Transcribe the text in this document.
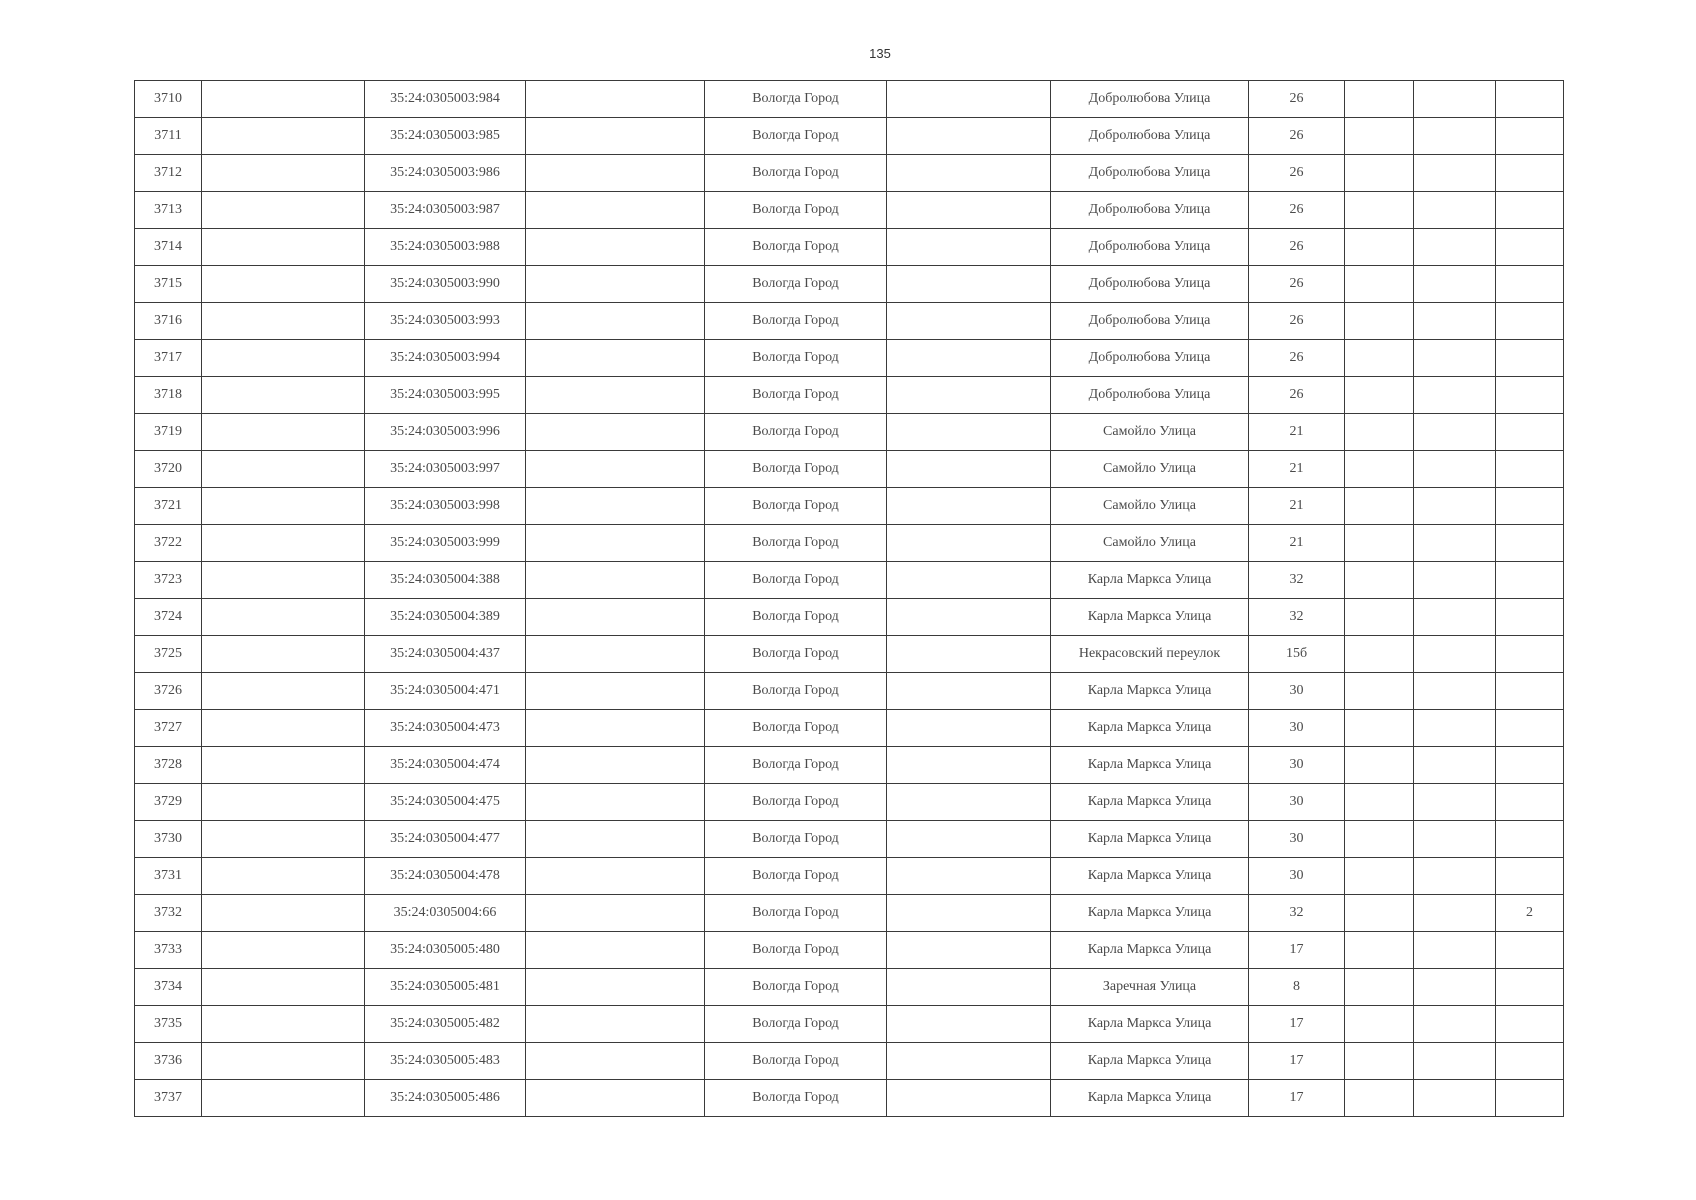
135
3710		35:24:0305003:984		Вологда Город		Добролюбова Улица	26			
3711		35:24:0305003:985		Вологда Город		Добролюбова Улица	26			
3712		35:24:0305003:986		Вологда Город		Добролюбова Улица	26			
3713		35:24:0305003:987		Вологда Город		Добролюбова Улица	26			
3714		35:24:0305003:988		Вологда Город		Добролюбова Улица	26			
3715		35:24:0305003:990		Вологда Город		Добролюбова Улица	26			
3716		35:24:0305003:993		Вологда Город		Добролюбова Улица	26			
3717		35:24:0305003:994		Вологда Город		Добролюбова Улица	26			
3718		35:24:0305003:995		Вологда Город		Добролюбова Улица	26			
3719		35:24:0305003:996		Вологда Город		Самойло Улица	21			
3720		35:24:0305003:997		Вологда Город		Самойло Улица	21			
3721		35:24:0305003:998		Вологда Город		Самойло Улица	21			
3722		35:24:0305003:999		Вологда Город		Самойло Улица	21			
3723		35:24:0305004:388		Вологда Город		Карла Маркса Улица	32			
3724		35:24:0305004:389		Вологда Город		Карла Маркса Улица	32			
3725		35:24:0305004:437		Вологда Город		Некрасовский переулок	15б			
3726		35:24:0305004:471		Вологда Город		Карла Маркса Улица	30			
3727		35:24:0305004:473		Вологда Город		Карла Маркса Улица	30			
3728		35:24:0305004:474		Вологда Город		Карла Маркса Улица	30			
3729		35:24:0305004:475		Вологда Город		Карла Маркса Улица	30			
3730		35:24:0305004:477		Вологда Город		Карла Маркса Улица	30			
3731		35:24:0305004:478		Вологда Город		Карла Маркса Улица	30			
3732		35:24:0305004:66		Вологда Город		Карла Маркса Улица	32			2
3733		35:24:0305005:480		Вологда Город		Карла Маркса Улица	17			
3734		35:24:0305005:481		Вологда Город		Заречная Улица	8			
3735		35:24:0305005:482		Вологда Город		Карла Маркса Улица	17			
3736		35:24:0305005:483		Вологда Город		Карла Маркса Улица	17			
3737		35:24:0305005:486		Вологда Город		Карла Маркса Улица	17			
